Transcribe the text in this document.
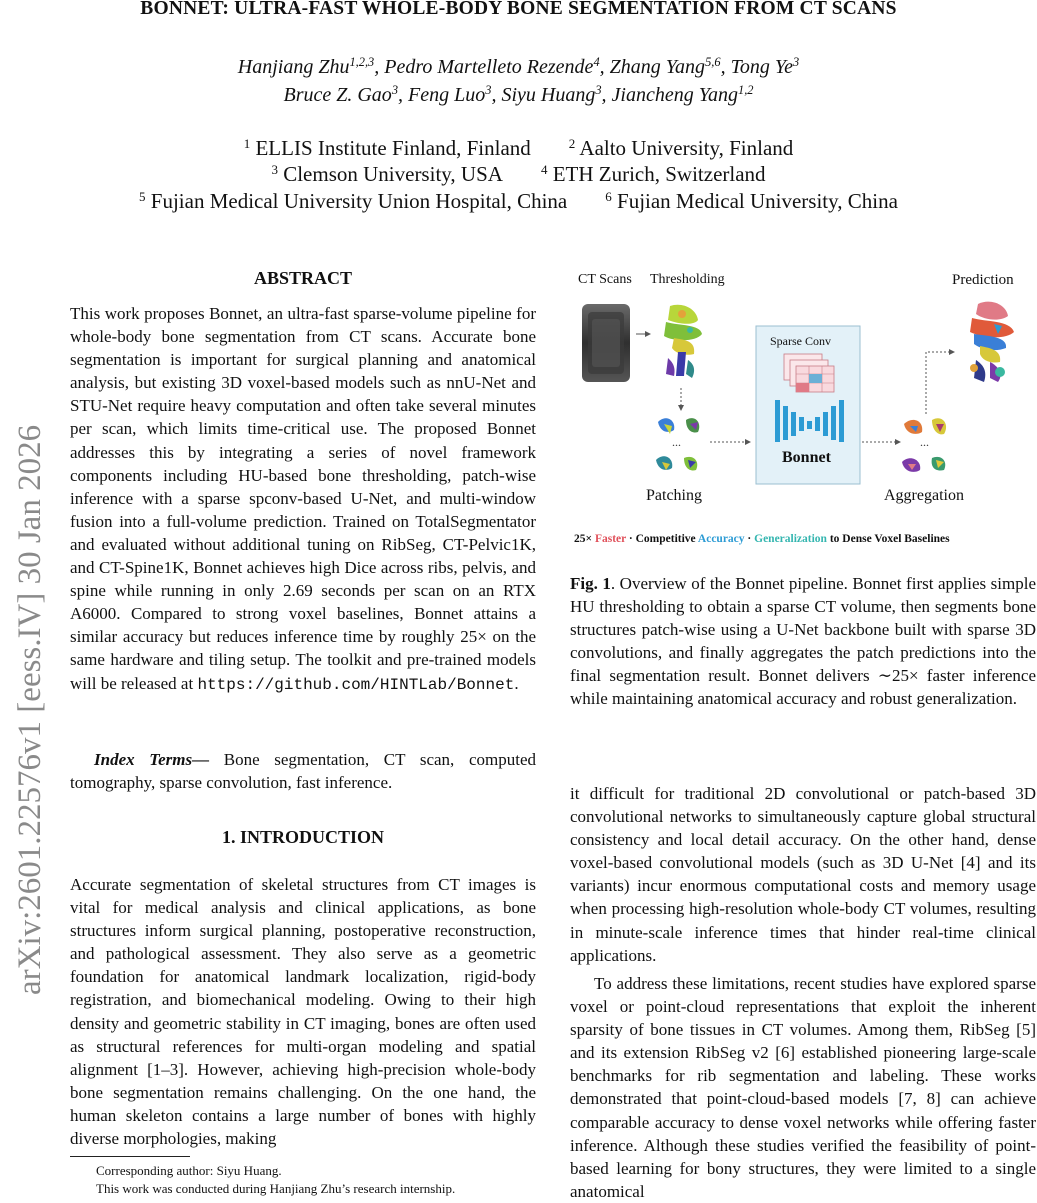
BONNET: ULTRA-FAST WHOLE-BODY BONE SEGMENTATION FROM CT SCANS
Hanjiang Zhu$^{1,2,3}$, Pedro Martelleto Rezende$^4$, Zhang Yang$^{5,6}$, Tong Ye$^3$
Bruce Z. Gao$^3$, Feng Luo$^3$, Siyu Huang$^3$, Jiancheng Yang$^{1,2}$
$^1$ ELLIS Institute Finland, Finland	$^2$ Aalto University, Finland
$^3$ Clemson University, USA	$^4$ ETH Zurich, Switzerland
$^5$ Fujian Medical University Union Hospital, China	$^6$ Fujian Medical University, China
arXiv:2601.22576v1 [eess.IV] 30 Jan 2026
ABSTRACT
This work proposes Bonnet, an ultra-fast sparse-volume pipeline for whole-body bone segmentation from CT scans. Accurate bone segmentation is important for surgical planning and anatomical analysis, but existing 3D voxel-based models such as nnU-Net and STU-Net require heavy computation and often take several minutes per scan, which limits time-critical use. The proposed Bonnet addresses this by integrating a series of novel framework components including HU-based bone thresholding, patch-wise inference with a sparse spconv-based U-Net, and multi-window fusion into a full-volume prediction. Trained on TotalSegmentator and evaluated without additional tuning on RibSeg, CT-Pelvic1K, and CT-Spine1K, Bonnet achieves high Dice across ribs, pelvis, and spine while running in only 2.69 seconds per scan on an RTX A6000. Compared to strong voxel baselines, Bonnet attains a similar accuracy but reduces inference time by roughly 25× on the same hardware and tiling setup. The toolkit and pre-trained models will be released at https://github.com/HINTLab/Bonnet.
Index Terms— Bone segmentation, CT scan, computed tomography, sparse convolution, fast inference.
1. INTRODUCTION
Accurate segmentation of skeletal structures from CT images is vital for medical analysis and clinical applications, as bone structures inform surgical planning, postoperative reconstruction, and pathological assessment. They also serve as a geometric foundation for anatomical landmark localization, rigid-body registration, and biomechanical modeling. Owing to their high density and geometric stability in CT imaging, bones are often used as structural references for multi-organ modeling and spatial alignment [1–3]. However, achieving high-precision whole-body bone segmentation remains challenging. On the one hand, the human skeleton contains a large number of bones with highly diverse morphologies, making
Corresponding author: Siyu Huang.
This work was conducted during Hanjiang Zhu’s research internship.
CT Scans Thresholding	Prediction
...
Patching
Sparse Conv
Bonnet
...
Aggregation
25× Faster · Competitive Accuracy · Generalization to Dense Voxel Baselines
Fig. 1. Overview of the Bonnet pipeline. Bonnet first applies simple HU thresholding to obtain a sparse CT volume, then segments bone structures patch-wise using a U-Net backbone built with sparse 3D convolutions, and finally aggregates the patch predictions into the final segmentation result. Bonnet delivers ∼25× faster inference while maintaining anatomical accuracy and robust generalization.
it difficult for traditional 2D convolutional or patch-based 3D convolutional networks to simultaneously capture global structural consistency and local detail accuracy. On the other hand, dense voxel-based convolutional models (such as 3D U-Net [4] and its variants) incur enormous computational costs and memory usage when processing high-resolution whole-body CT volumes, resulting in minute-scale inference times that hinder real-time clinical applications.
To address these limitations, recent studies have explored sparse voxel or point-cloud representations that exploit the inherent sparsity of bone tissues in CT volumes. Among them, RibSeg [5] and its extension RibSeg v2 [6] established pioneering large-scale benchmarks for rib segmentation and labeling. These works demonstrated that point-cloud-based models [7, 8] can achieve comparable accuracy to dense voxel networks while offering faster inference. Although these studies verified the feasibility of point-based learning for bony structures, they were limited to a single anatomical
